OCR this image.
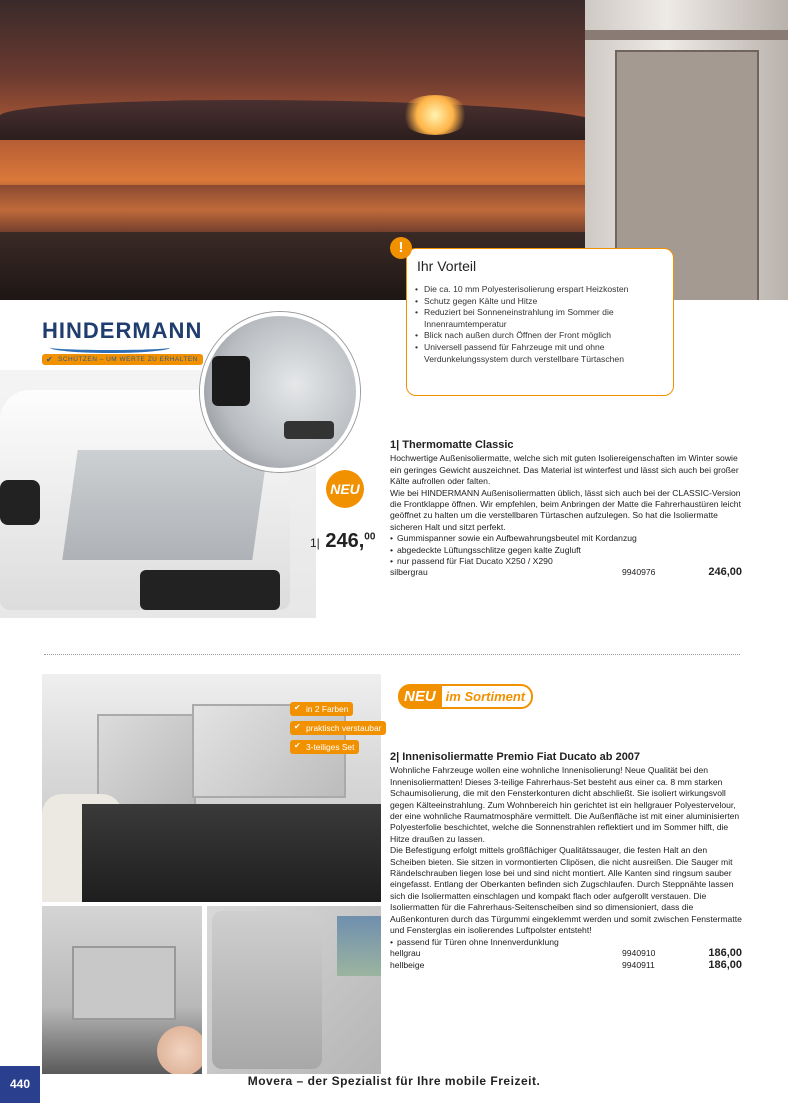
Ihr Vorteil
• Die ca. 10 mm Polyesterisolierung erspart Heizkosten
• Schutz gegen Kälte und Hitze
• Reduziert bei Sonneneinstrahlung im Sommer die Innenraumtemperatur
• Blick nach außen durch Öffnen der Front möglich
• Universell passend für Fahrzeuge mit und ohne Verdunkelungssystem durch verstellbare Türtaschen
!
HINDERMANN
✔ SCHÜTZEN – UM WERTE ZU ERHALTEN
NEU
1| 246,00
1| Thermomatte Classic

Hochwertige Außenisoliermatte, welche sich mit guten Isoliereigenschaften im Winter sowie ein geringes Gewicht auszeichnet. Das Material ist winterfest und lässt sich auch bei großer Kälte aufrollen oder falten.

Wie bei HINDERMANN Außenisoliermatten üblich, lässt sich auch bei der CLASSIC-Version die Frontklappe öffnen. Wir empfehlen, beim Anbringen der Matte die Fahrerhaustüren leicht geöffnet zu halten um die verstellbaren Türtaschen aufzulegen. So hat die Isoliermatte sicheren Halt und sitzt perfekt.

• Gummispanner sowie ein Aufbewahrungsbeutel mit Kordanzug
• abgedeckte Lüftungsschlitze gegen kalte Zugluft
• nur passend für Fiat Ducato X250 / X290
silbergrau	9940976	246,00
✔ in 2 Farben
✔ praktisch verstaubar
✔ 3-teiliges Set
NEU im Sortiment
2| Innenisoliermatte Premio Fiat Ducato ab 2007

Wohnliche Fahrzeuge wollen eine wohnliche Innenisolierung! Neue Qualität bei den Innenisoliermatten! Dieses 3-teilige Fahrerhaus-Set besteht aus einer ca. 8 mm starken Schaumisolierung, die mit den Fensterkonturen dicht abschließt. Sie isoliert wirkungsvoll gegen Kälteeinstrahlung. Zum Wohnbereich hin gerichtet ist ein hellgrauer Polyestervelour, der eine wohnliche Raumatmosphäre vermittelt. Die Außenfläche ist mit einer aluminisierten Polyesterfolie beschichtet, welche die Sonnenstrahlen reflektiert und im Sommer hilft, die Hitze draußen zu lassen.

Die Befestigung erfolgt mittels großflächiger Qualitätssauger, die festen Halt an den Scheiben bieten. Sie sitzen in vormontierten Clipösen, die nicht ausreißen. Die Sauger mit Rändelschrauben liegen lose bei und sind nicht montiert. Alle Kanten sind ringsum sauber eingefasst. Entlang der Oberkanten befinden sich Zugschlaufen. Durch Steppnähte lassen sich die Isoliermatten einschlagen und kompakt flach oder aufgerollt verstauen. Die Isoliermatten für die Fahrerhaus-Seitenscheiben sind so dimensioniert, dass die Außenkonturen durch das Türgummi eingeklemmt werden und somit zwischen Fenstermatte und Fensterglas ein isolierendes Luftpolster entsteht!

• passend für Türen ohne Innenverdunklung
hellgrau	9940910	186,00
hellbeige	9940911	186,00
Movera – der Spezialist für Ihre mobile Freizeit.
440
